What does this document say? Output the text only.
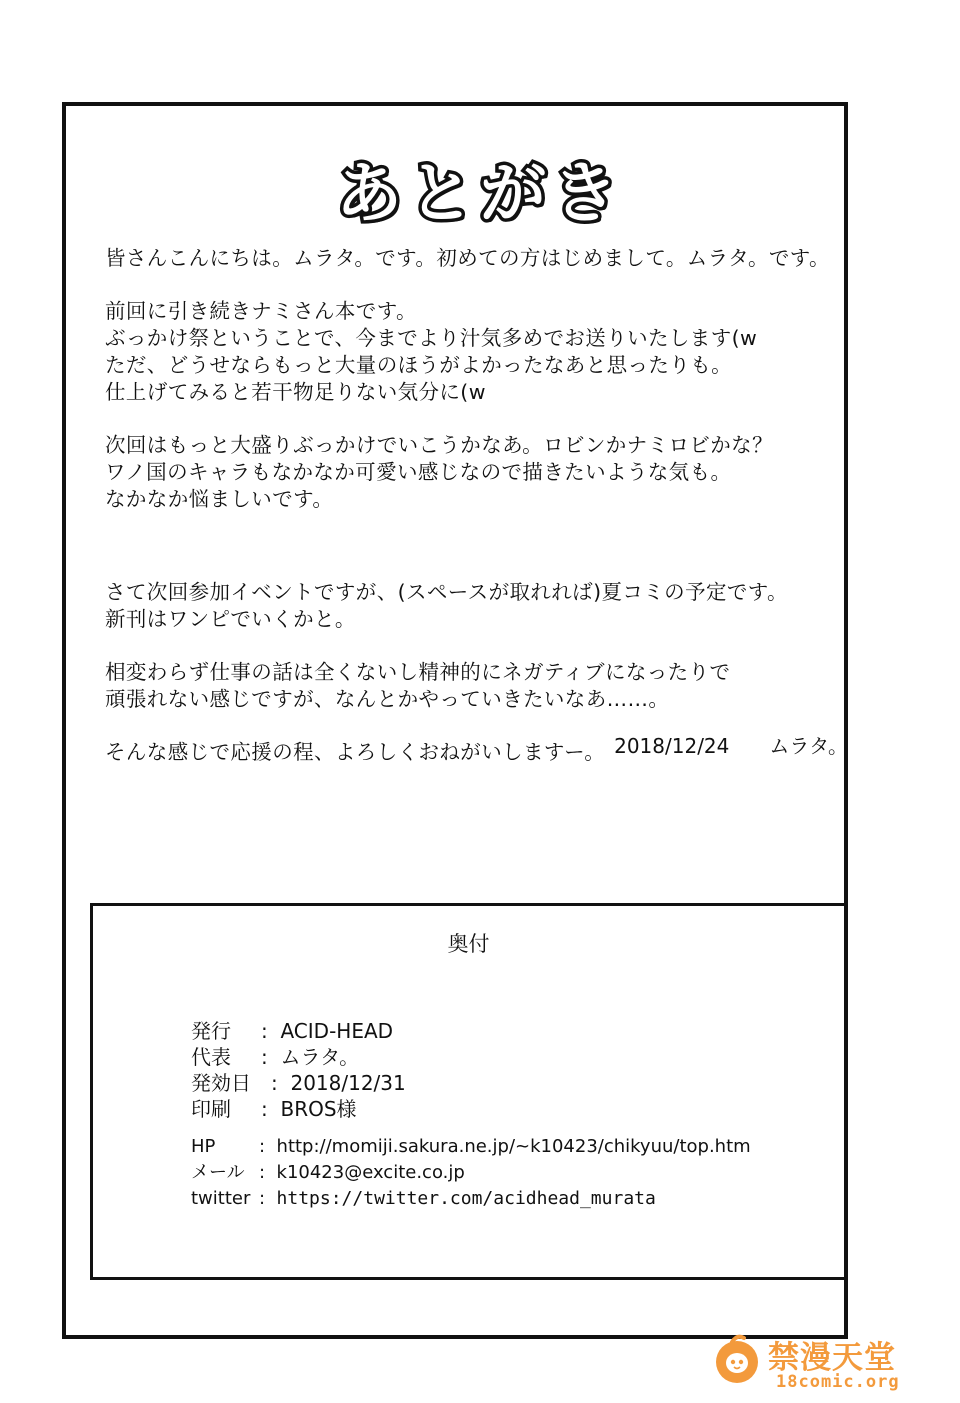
あとがき

皆さんこんにちは。ムラタ。です。初めての方はじめまして。ムラタ。です。

前回に引き続きナミさん本です。
ぶっかけ祭ということで、今までより汁気多めでお送りいたします(w
ただ、どうせならもっと大量のほうがよかったなあと思ったりも。
仕上げてみると若干物足りない気分に(w

次回はもっと大盛りぶっかけでいこうかなあ。ロビンかナミロビかな？
ワノ国のキャラもなかなか可愛い感じなので描きたいような気も。
なかなか悩ましいです。

さて次回参加イベントですが、(スペースが取れれば)夏コミの予定です。
新刊はワンピでいくかと。

相変わらず仕事の話は全くないし精神的にネガティブになったりで
頑張れない感じですが、なんとかやっていきたいなあ……。

そんな感じで応援の程、よろしくおねがいしますー。 2018/12/24 ムラタ。
奥付
発行 : ACID-HEAD
代表 : ムラタ。
発効日 : 2018/12/31
印刷 : BROS様
HP : http://momiji.sakura.ne.jp/~k10423/chikyuu/top.htm
メール : k10423@excite.co.jp
twitter : https://twitter.com/acidhead_murata
禁漫天堂
18comic.org
